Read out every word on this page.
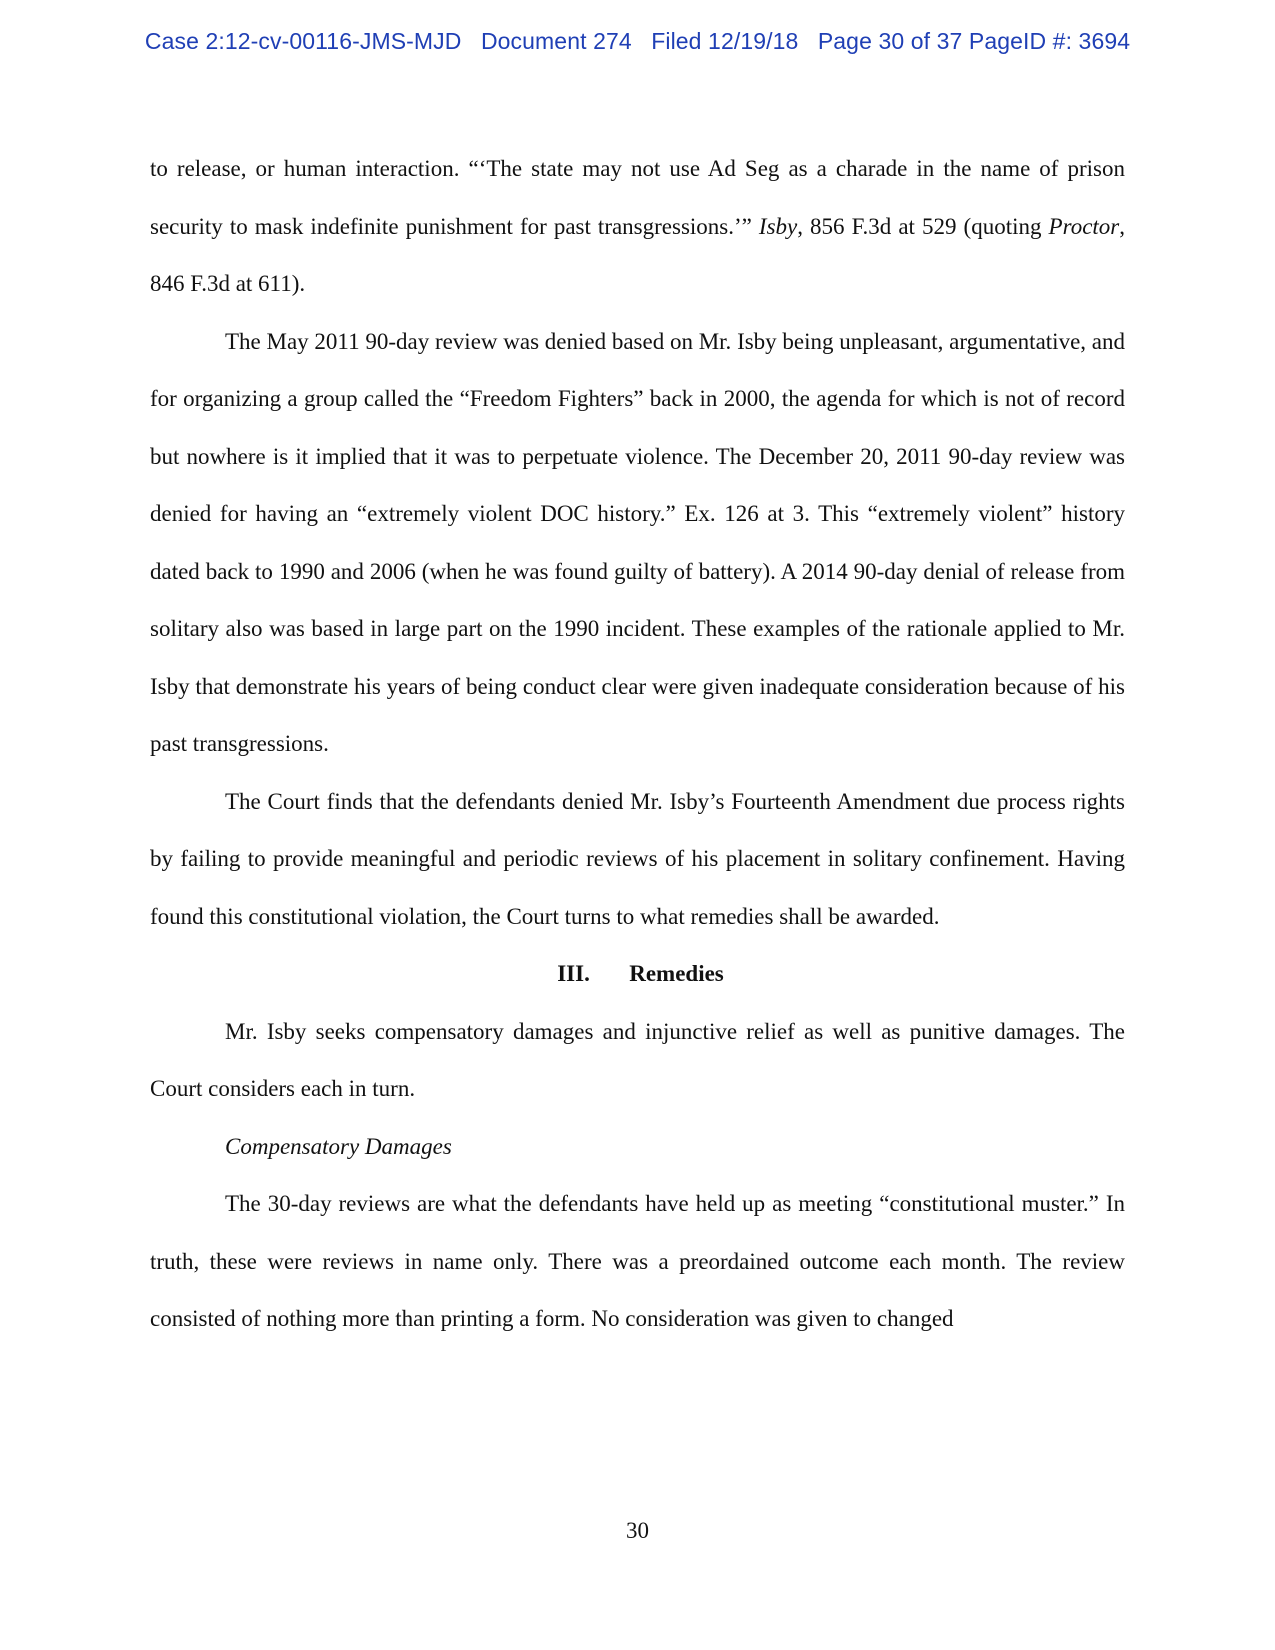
Case 2:12-cv-00116-JMS-MJD   Document 274   Filed 12/19/18   Page 30 of 37 PageID #: 3694

to release, or human interaction. “‘The state may not use Ad Seg as a charade in the name of prison security to mask indefinite punishment for past transgressions.’” Isby, 856 F.3d at 529 (quoting Proctor, 846 F.3d at 611).

The May 2011 90-day review was denied based on Mr. Isby being unpleasant, argumentative, and for organizing a group called the “Freedom Fighters” back in 2000, the agenda for which is not of record but nowhere is it implied that it was to perpetuate violence. The December 20, 2011 90-day review was denied for having an “extremely violent DOC history.” Ex. 126 at 3. This “extremely violent” history dated back to 1990 and 2006 (when he was found guilty of battery). A 2014 90-day denial of release from solitary also was based in large part on the 1990 incident. These examples of the rationale applied to Mr. Isby that demonstrate his years of being conduct clear were given inadequate consideration because of his past transgressions.

The Court finds that the defendants denied Mr. Isby’s Fourteenth Amendment due process rights by failing to provide meaningful and periodic reviews of his placement in solitary confinement. Having found this constitutional violation, the Court turns to what remedies shall be awarded.

III. Remedies

Mr. Isby seeks compensatory damages and injunctive relief as well as punitive damages. The Court considers each in turn.

Compensatory Damages

The 30-day reviews are what the defendants have held up as meeting “constitutional muster.” In truth, these were reviews in name only. There was a preordained outcome each month. The review consisted of nothing more than printing a form. No consideration was given to changed

30
